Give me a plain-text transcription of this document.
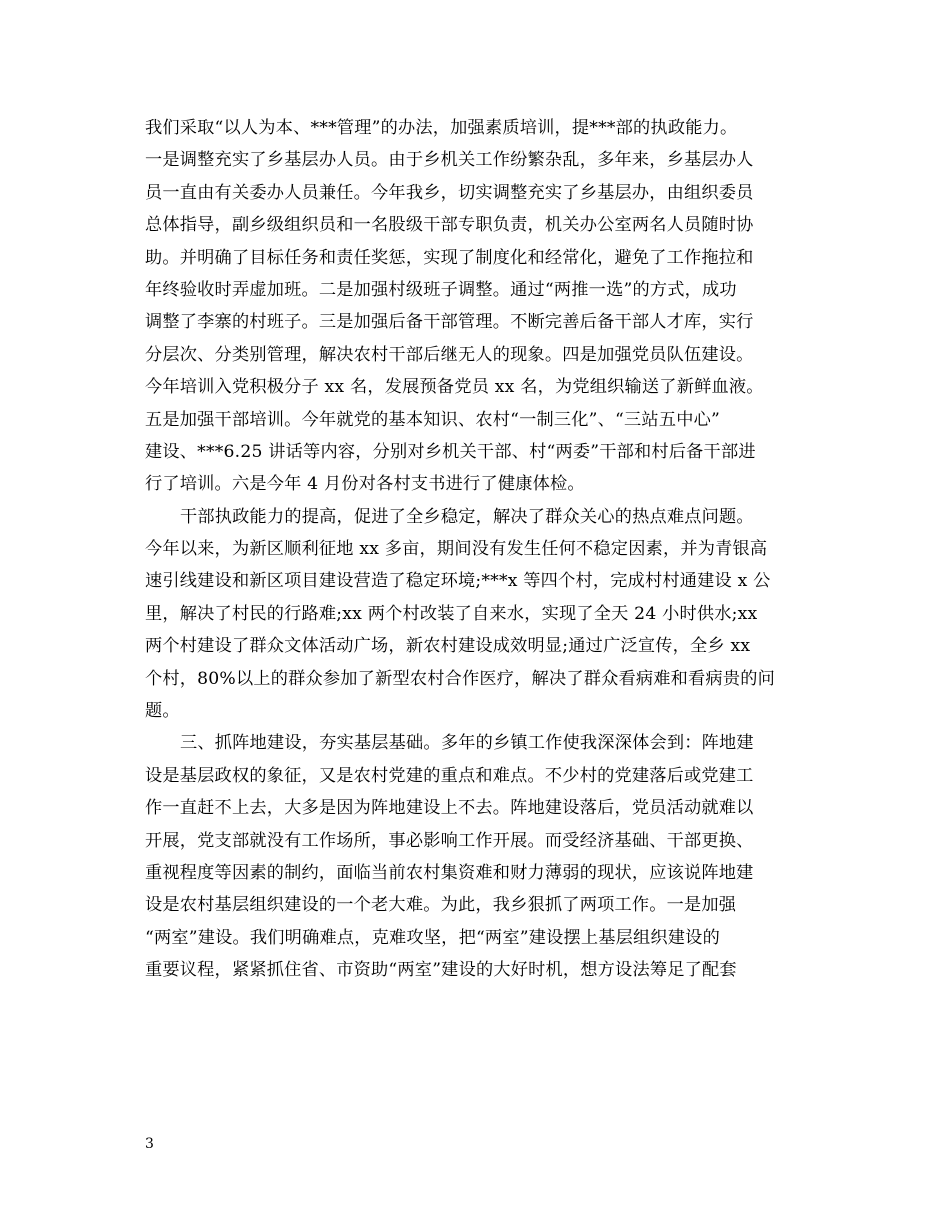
我们采取“以人为本、***管理”的办法，加强素质培训，提***部的执政能力。
一是调整充实了乡基层办人员。由于乡机关工作纷繁杂乱，多年来，乡基层办人
员一直由有关委办人员兼任。今年我乡，切实调整充实了乡基层办，由组织委员
总体指导，副乡级组织员和一名股级干部专职负责，机关办公室两名人员随时协
助。并明确了目标任务和责任奖惩，实现了制度化和经常化，避免了工作拖拉和
年终验收时弄虚加班。二是加强村级班子调整。通过“两推一选”的方式，成功
调整了李寨的村班子。三是加强后备干部管理。不断完善后备干部人才库，实行
分层次、分类别管理，解决农村干部后继无人的现象。四是加强党员队伍建设。
今年培训入党积极分子 xx 名，发展预备党员 xx 名，为党组织输送了新鲜血液。
五是加强干部培训。今年就党的基本知识、农村“一制三化”、“三站五中心”
建设、***6.25 讲话等内容，分别对乡机关干部、村“两委”干部和村后备干部进
行了培训。六是今年 4 月份对各村支书进行了健康体检。
干部执政能力的提高，促进了全乡稳定，解决了群众关心的热点难点问题。
今年以来，为新区顺利征地 xx 多亩，期间没有发生任何不稳定因素，并为青银高
速引线建设和新区项目建设营造了稳定环境;***x 等四个村，完成村村通建设 x 公
里，解决了村民的行路难;xx 两个村改装了自来水，实现了全天 24 小时供水;xx
两个村建设了群众文体活动广场，新农村建设成效明显;通过广泛宣传，全乡 xx
个村，80%以上的群众参加了新型农村合作医疗，解决了群众看病难和看病贵的问
题。
三、抓阵地建设，夯实基层基础。多年的乡镇工作使我深深体会到：阵地建
设是基层政权的象征，又是农村党建的重点和难点。不少村的党建落后或党建工
作一直赶不上去，大多是因为阵地建设上不去。阵地建设落后，党员活动就难以
开展，党支部就没有工作场所，事必影响工作开展。而受经济基础、干部更换、
重视程度等因素的制约，面临当前农村集资难和财力薄弱的现状，应该说阵地建
设是农村基层组织建设的一个老大难。为此，我乡狠抓了两项工作。一是加强
“两室”建设。我们明确难点，克难攻坚，把“两室”建设摆上基层组织建设的
重要议程，紧紧抓住省、市资助“两室”建设的大好时机，想方设法筹足了配套
3
